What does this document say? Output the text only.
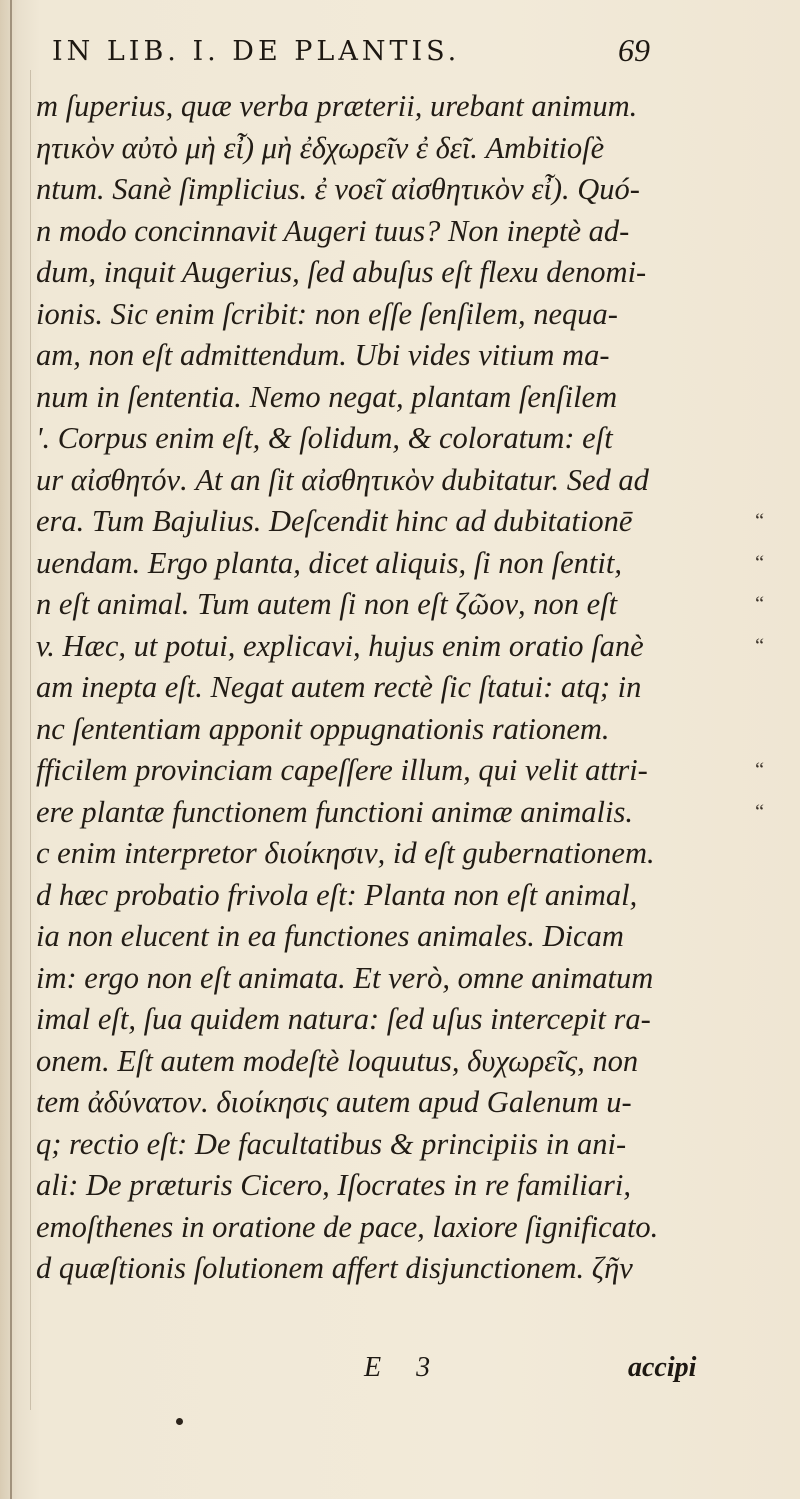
IN LIB. I. DE PLANTIS.	69
m ſuperius, quæ verba præterii, urebant animum.
ητικὸν αὐτὸ μὴ εἶ) μὴ ἐδχωρεῖν ἐ δεῖ. Ambitioſè
ntum. Sanè ſimplicius. ἐ νοεῖ αἰσθητικὸν εἶ). Quó-
n modo concinnavit Augeri tuus? Non ineptè ad-
dum, inquit Augerius, ſed abuſus eſt flexu denomi-
ionis. Sic enim ſcribit: non eſſe ſenſilem, nequa-
am, non eſt admittendum. Ubi vides vitium ma-
num in ſententia. Nemo negat, plantam ſenſilem
'. Corpus enim eſt, & ſolidum, & coloratum: eſt
ur αἰσθητόν. At an ſit αἰσθητικὸν dubitatur. Sed ad
era. Tum Bajulius. Deſcendit hinc ad dubitationē	“
uendam. Ergo planta, dicet aliquis, ſi non ſentit,	“
n eſt animal. Tum autem ſi non eſt ζῶον, non eſt	“
v. Hæc, ut potui, explicavi, hujus enim oratio ſanè	“
am inepta eſt. Negat autem rectè ſic ſtatui: atq; in
nc ſententiam apponit oppugnationis rationem.
fficilem provinciam capeſſere illum, qui velit attri-	“
ere plantæ functionem functioni animæ animalis.	“
c enim interpretor διοίκησιν, id eſt gubernationem.
d hæc probatio frivola eſt: Planta non eſt animal,
ia non elucent in ea functiones animales. Dicam
im: ergo non eſt animata. Et verò, omne animatum
imal eſt, ſua quidem natura: ſed uſus intercepit ra-
onem. Eſt autem modeſtè loquutus, δυχωρεῖς, non
tem ἀδύνατον. διοίκησις autem apud Galenum u-
q; rectio eſt: De facultatibus & principiis in ani-
ali: De præturis Cicero, Iſocrates in re familiari,
emoſthenes in oratione de pace, laxiore ſignificato.
d quæſtionis ſolutionem affert disjunctionem. ζῆν
E 3	accipi
